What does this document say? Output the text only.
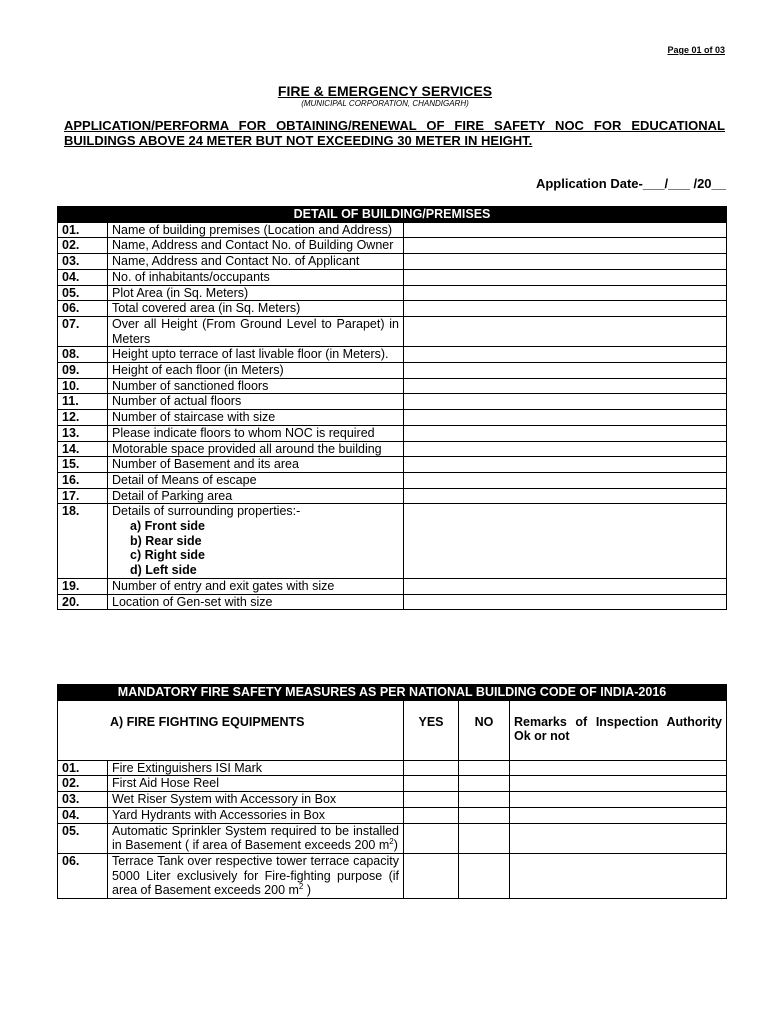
Page 01 of 03
FIRE & EMERGENCY SERVICES
(MUNICIPAL CORPORATION, CHANDIGARH)
APPLICATION/PERFORMA FOR OBTAINING/RENEWAL OF FIRE SAFETY NOC FOR EDUCATIONAL BUILDINGS ABOVE 24 METER BUT NOT EXCEEDING 30 METER IN HEIGHT.
Application Date-___/___ /20__
DETAIL OF BUILDING/PREMISES		
01.	Name of building premises (Location and Address)	

02.	Name, Address and Contact No. of Building Owner	

03.	Name, Address and Contact No. of Applicant	

04.	No. of inhabitants/occupants	

05.	Plot Area (in Sq. Meters)	

06.	Total covered area (in Sq. Meters)	

07.	Over all Height (From Ground Level to Parapet) in Meters	

08.	Height upto terrace of last livable floor (in Meters).	

09.	Height of each floor (in Meters)	

10.	Number of sanctioned floors	

11.	Number of actual floors	

12.	Number of staircase with size	

13.	Please indicate floors to whom NOC is required	

14.	Motorable space provided all around the building	

15.	Number of Basement and its area	

16.	Detail of Means of escape	

17.	Detail of Parking area	

18.	Details of surrounding properties:-
a) Front side
b) Rear side
c) Right side
d) Left side	

19.	Number of entry and exit gates with size	

20.	Location of Gen-set with size	

MANDATORY FIRE SAFETY MEASURES AS PER NATIONAL BUILDING CODE OF INDIA-2016				
A) FIRE FIGHTING EQUIPMENTS		YES	NO	Remarks of Inspection Authority Ok or not
01.	Fire Extinguishers ISI Mark			
02.	First Aid Hose Reel			
03.	Wet Riser System with Accessory in Box			
04.	Yard Hydrants with Accessories in Box			
05.	Automatic Sprinkler System required to be installed in Basement ( if area of Basement exceeds 200 $m^2$)			
06.	Terrace Tank over respective tower terrace capacity 5000 Liter exclusively for Fire-fighting purpose (if area of Basement exceeds 200 $m^2$ )			
